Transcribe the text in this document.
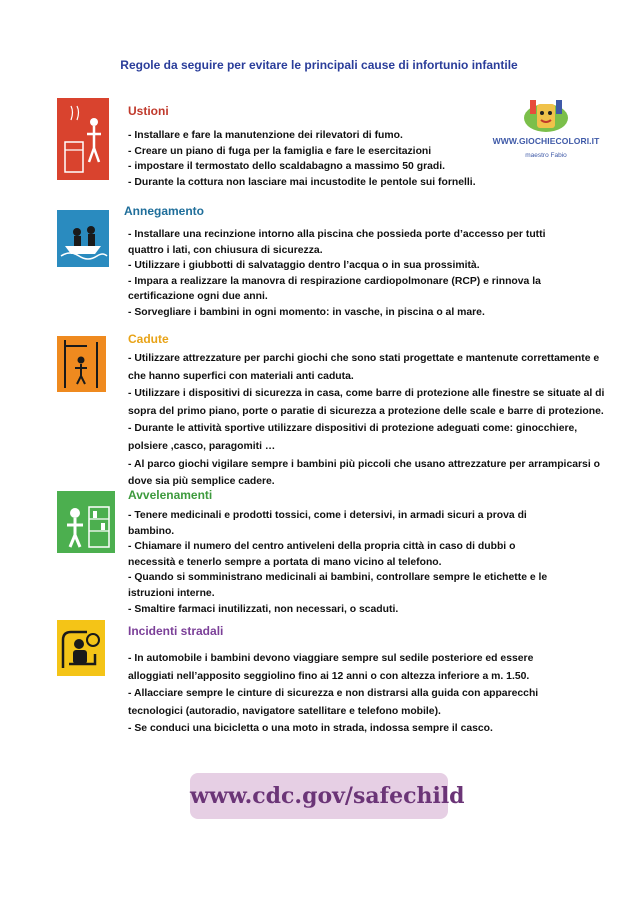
Regole da seguire per evitare le principali cause di infortunio infantile
WWW.GIOCHIECOLORI.IT
maestro Fabio
Ustioni
- Installare e fare la manutenzione dei rilevatori di fumo.
- Creare un piano di fuga per la famiglia e fare le esercitazioni
- impostare il termostato dello scaldabagno a massimo 50 gradi.
- Durante la cottura non lasciare mai incustodite le pentole sui fornelli.
Annegamento
- Installare una recinzione intorno alla piscina che possieda porte d’accesso per tutti
quattro i lati, con chiusura di sicurezza.
- Utilizzare i giubbotti di salvataggio dentro l’acqua o in sua prossimità.
- Impara a realizzare la manovra di respirazione cardiopolmonare (RCP) e rinnova la
certificazione ogni due anni.
- Sorvegliare i bambini in ogni momento: in vasche, in piscina o al mare.
Cadute
- Utilizzare attrezzature per parchi giochi che sono stati progettate e mantenute correttamente e
che hanno superfici con materiali anti caduta.
- Utilizzare i dispositivi di sicurezza in casa, come barre di protezione alle finestre se situate al di
sopra del primo piano, porte o paratie di sicurezza a protezione delle scale e barre di protezione.
- Durante le attività sportive utilizzare dispositivi di protezione adeguati come: ginocchiere,
polsiere ,casco, paragomiti …
- Al parco giochi vigilare sempre i bambini più piccoli che usano attrezzature per arrampicarsi o
dove sia più semplice cadere.
Avvelenamenti
- Tenere medicinali e prodotti tossici, come i detersivi, in armadi sicuri a prova di
bambino.
- Chiamare il numero del centro antiveleni della propria città in caso di dubbi o
necessità e tenerlo sempre a portata di mano vicino al telefono.
- Quando si somministrano medicinali ai bambini, controllare sempre le etichette e le
istruzioni interne.
- Smaltire farmaci inutilizzati, non necessari, o scaduti.
Incidenti stradali
- In automobile i bambini devono viaggiare sempre sul sedile posteriore ed essere
alloggiati nell’apposito seggiolino fino ai 12 anni o con altezza inferiore a m. 1.50.
- Allacciare sempre le cinture di sicurezza e non distrarsi alla guida con apparecchi
tecnologici (autoradio, navigatore satellitare e telefono mobile).
- Se conduci una bicicletta o una moto in strada, indossa sempre il casco.
www.cdc.gov/safechild
